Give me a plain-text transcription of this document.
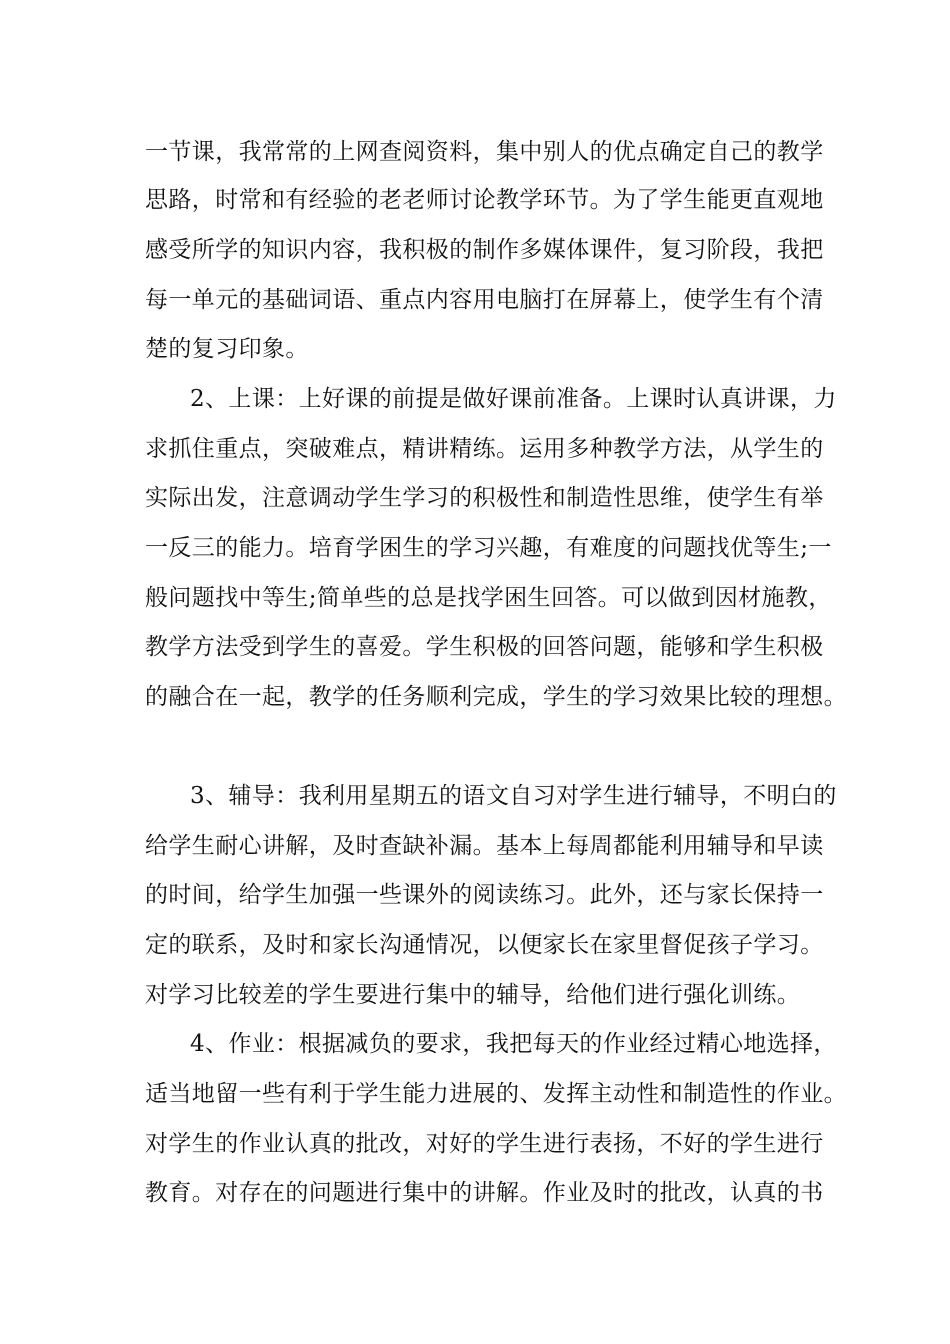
一节课，我常常的上网查阅资料，集中别人的优点确定自己的教学
思路，时常和有经验的老老师讨论教学环节。为了学生能更直观地
感受所学的知识内容，我积极的制作多媒体课件，复习阶段，我把
每一单元的基础词语、重点内容用电脑打在屏幕上，使学生有个清
楚的复习印象。
2、上课：上好课的前提是做好课前准备。上课时认真讲课，力
求抓住重点，突破难点，精讲精练。运用多种教学方法，从学生的
实际出发，注意调动学生学习的积极性和制造性思维，使学生有举
一反三的能力。培育学困生的学习兴趣，有难度的问题找优等生;一
般问题找中等生;简单些的总是找学困生回答。可以做到因材施教，
教学方法受到学生的喜爱。学生积极的回答问题，能够和学生积极
的融合在一起，教学的任务顺利完成，学生的学习效果比较的理想。
3、辅导：我利用星期五的语文自习对学生进行辅导，不明白的
给学生耐心讲解，及时查缺补漏。基本上每周都能利用辅导和早读
的时间，给学生加强一些课外的阅读练习。此外，还与家长保持一
定的联系，及时和家长沟通情况，以便家长在家里督促孩子学习。
对学习比较差的学生要进行集中的辅导，给他们进行强化训练。
4、作业：根据减负的要求，我把每天的作业经过精心地选择，
适当地留一些有利于学生能力进展的、发挥主动性和制造性的作业。
对学生的作业认真的批改，对好的学生进行表扬，不好的学生进行
教育。对存在的问题进行集中的讲解。作业及时的批改，认真的书
